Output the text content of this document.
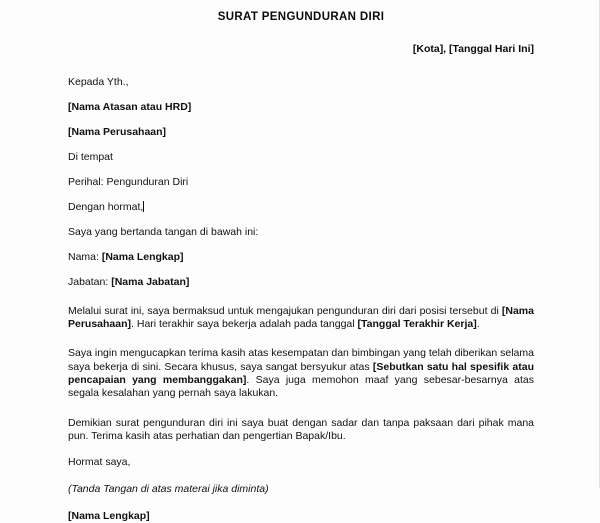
SURAT PENGUNDURAN DIRI

[Kota], [Tanggal Hari Ini]

Kepada Yth.,

[Nama Atasan atau HRD]

[Nama Perusahaan]

Di tempat

Perihal: Pengunduran Diri

Dengan hormat,

Saya yang bertanda tangan di bawah ini:

Nama: [Nama Lengkap]

Jabatan: [Nama Jabatan]

Melalui surat ini, saya bermaksud untuk mengajukan pengunduran diri dari posisi tersebut di [Nama Perusahaan]. Hari terakhir saya bekerja adalah pada tanggal [Tanggal Terakhir Kerja].

Saya ingin mengucapkan terima kasih atas kesempatan dan bimbingan yang telah diberikan selama saya bekerja di sini. Secara khusus, saya sangat bersyukur atas [Sebutkan satu hal spesifik atau pencapaian yang membanggakan]. Saya juga memohon maaf yang sebesar-besarnya atas segala kesalahan yang pernah saya lakukan.

Demikian surat pengunduran diri ini saya buat dengan sadar dan tanpa paksaan dari pihak mana pun. Terima kasih atas perhatian dan pengertian Bapak/Ibu.

Hormat saya,

(Tanda Tangan di atas materai jika diminta)

[Nama Lengkap]
